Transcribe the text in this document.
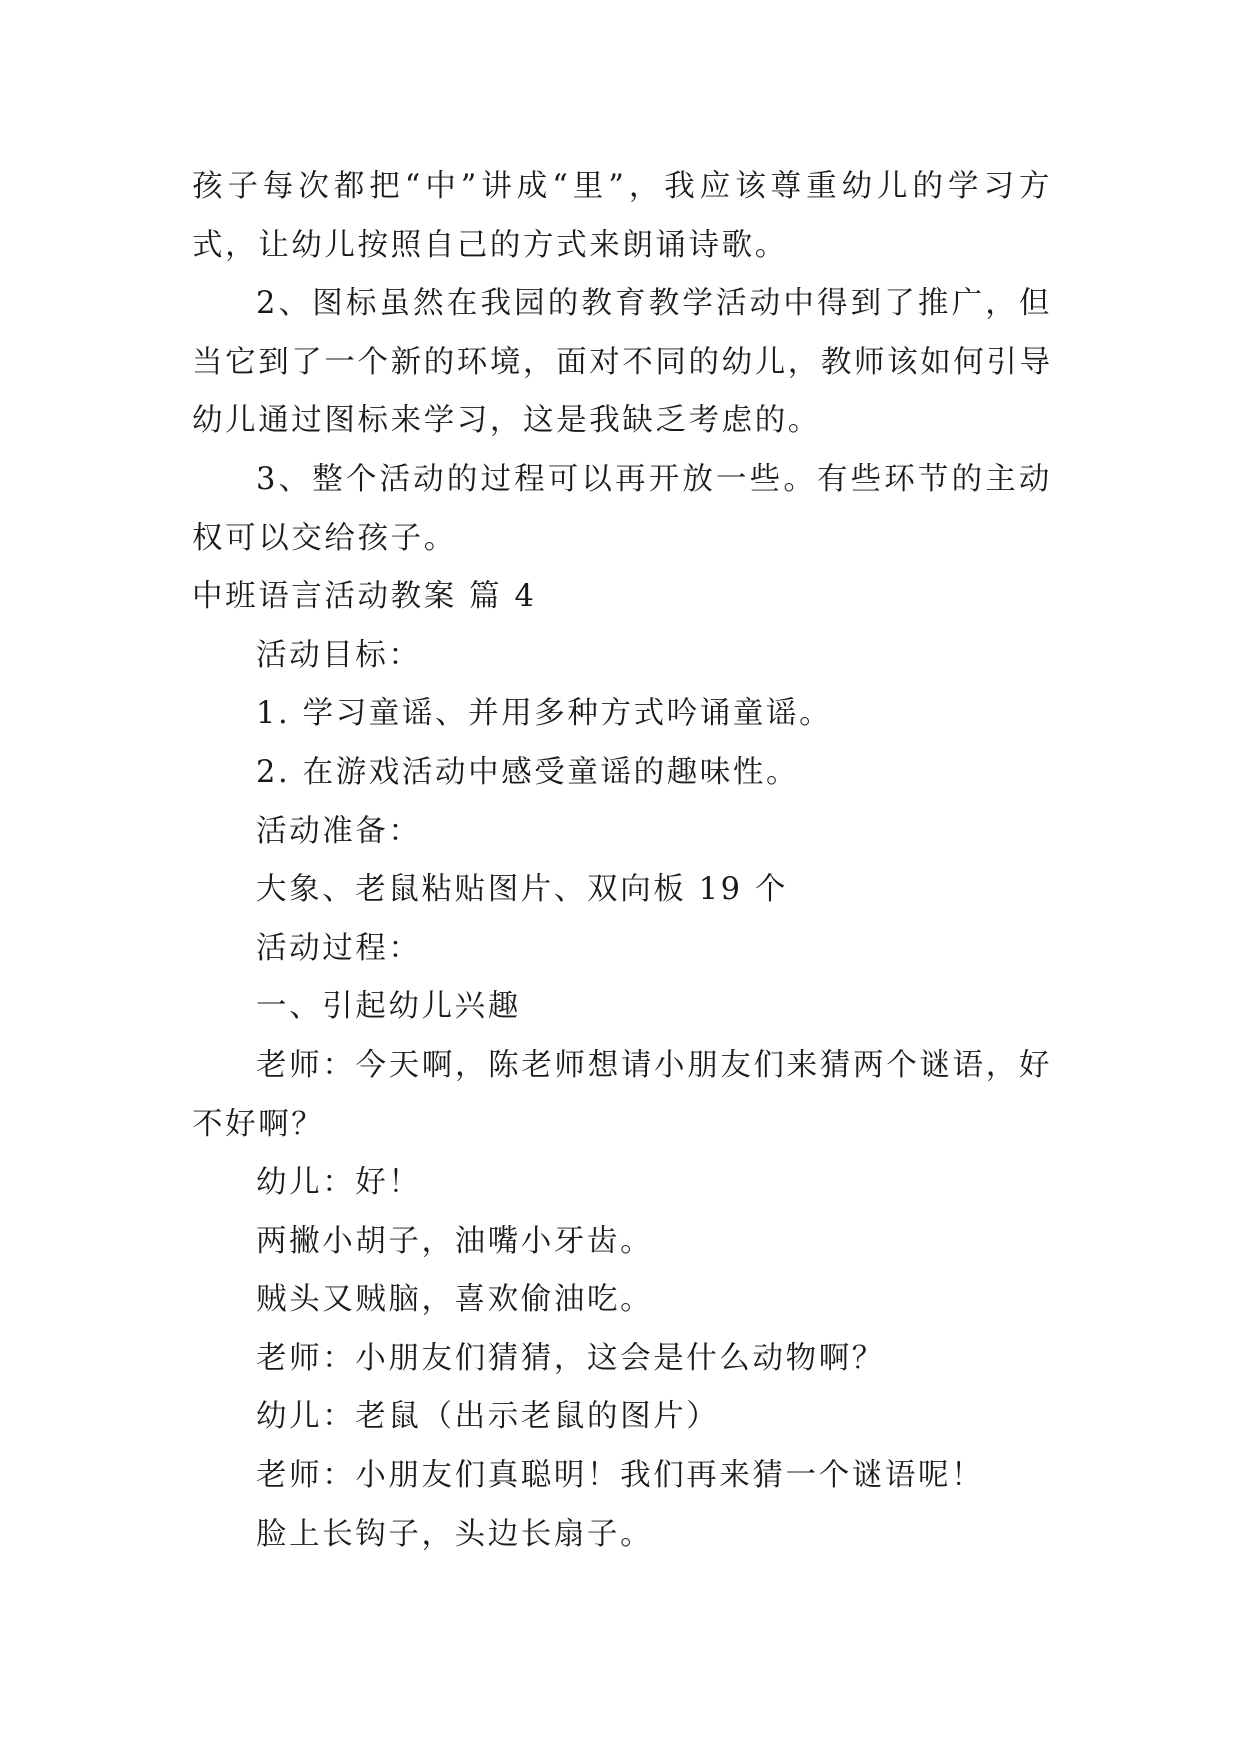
孩子每次都把“中”讲成“里”，我应该尊重幼儿的学习方
式，让幼儿按照自己的方式来朗诵诗歌。
2、图标虽然在我园的教育教学活动中得到了推广，但
当它到了一个新的环境，面对不同的幼儿，教师该如何引导
幼儿通过图标来学习，这是我缺乏考虑的。
3、整个活动的过程可以再开放一些。有些环节的主动
权可以交给孩子。
中班语言活动教案 篇 4
活动目标：
1. 学习童谣、并用多种方式吟诵童谣。
2. 在游戏活动中感受童谣的趣味性。
活动准备：
大象、老鼠粘贴图片、双向板 19 个
活动过程：
一、引起幼儿兴趣
老师：今天啊，陈老师想请小朋友们来猜两个谜语，好
不好啊？
幼儿：好！
两撇小胡子，油嘴小牙齿。
贼头又贼脑，喜欢偷油吃。
老师：小朋友们猜猜，这会是什么动物啊？
幼儿：老鼠（出示老鼠的图片）
老师：小朋友们真聪明！我们再来猜一个谜语呢！
脸上长钩子，头边长扇子。
